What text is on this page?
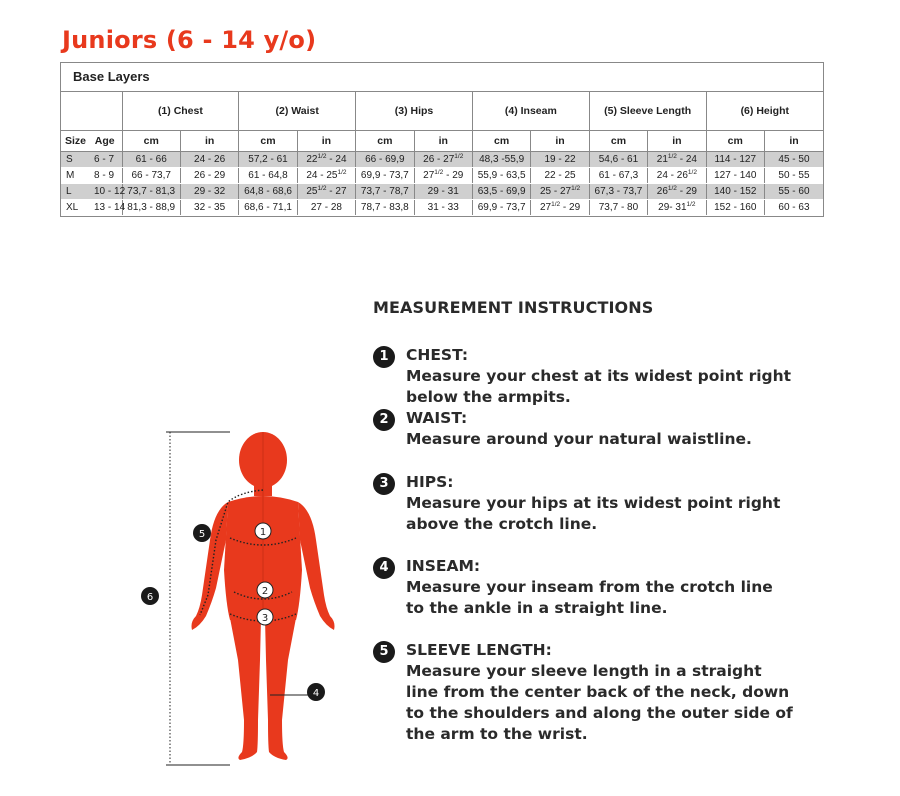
Juniors (6 - 14 y/o)
Base Layers
	(1) Chest		(2) Waist		(3) Hips		(4) Inseam		(5) Sleeve Length		(6) Height	
Size Age	cm	in	cm	in	cm	in	cm	in	cm	in	cm	in
S 6 - 7	61 - 66	24 - 26	57,2 - 61	$22^{1/2} - 24$	66 - 69,9	$26 - 27^{1/2}$	48,3 -55,9	19 - 22	54,6 - 61	$21^{1/2} - 24$	114 - 127	45 - 50
M 8 - 9	66 - 73,7	26 - 29	61 - 64,8	$24 - 25^{1/2}$	69,9 - 73,7	$27^{1/2} - 29$	55,9 - 63,5	22 - 25	61 - 67,3	$24 - 26^{1/2}$	127 - 140	50 - 55
L 10 - 12	73,7 - 81,3	29 - 32	64,8 - 68,6	$25^{1/2} - 27$	73,7 - 78,7	29 - 31	63,5 - 69,9	$25 - 27^{1/2}$	67,3 - 73,7	$26^{1/2} - 29$	140 - 152	55 - 60
XL 13 - 14	81,3 - 88,9	32 - 35	68,6 - 71,1	27 - 28	78,7 - 83,8	31 - 33	69,9 - 73,7	$27^{1/2} - 29$	73,7 - 80	29- $31^{1/2}$	152 - 160	60 - 63
MEASUREMENT INSTRUCTIONS
1	CHEST:
Measure your chest at its widest point right below the armpits.
2	WAIST:
Measure around your natural waistline.
3	HIPS:
Measure your hips at its widest point right above the crotch line.
4	INSEAM:
Measure your inseam from the crotch line to the ankle in a straight line.
5	SLEEVE LENGTH:
Measure your sleeve length in a straight line from the center back of the neck, down to the shoulders and along the outer side of the arm to the wrist.
1
2
3
4
5
6
